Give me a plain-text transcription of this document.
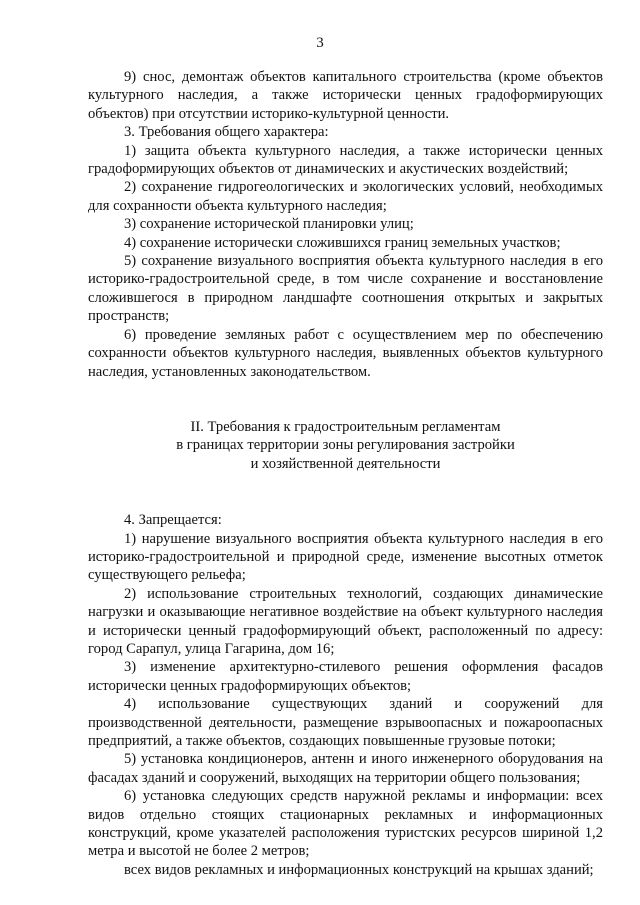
3

9) снос, демонтаж объектов капитального строительства (кроме объектов культурного наследия, а также исторически ценных градоформирующих объектов) при отсутствии историко-культурной ценности.

3. Требования общего характера:

1) защита объекта культурного наследия, а также исторически ценных градоформирующих объектов от динамических и акустических воздействий;

2) сохранение гидрогеологических и экологических условий, необходимых для сохранности объекта культурного наследия;

3) сохранение исторической планировки улиц;

4) сохранение исторически сложившихся границ земельных участков;

5) сохранение визуального восприятия объекта культурного наследия в его историко-градостроительной среде, в том числе сохранение и восстановление сложившегося в природном ландшафте соотношения открытых и закрытых пространств;

6) проведение земляных работ с осуществлением мер по обеспечению сохранности объектов культурного наследия, выявленных объектов культурного наследия, установленных законодательством.

II. Требования к градостроительным регламентам
в границах территории зоны регулирования застройки
и хозяйственной деятельности

4. Запрещается:

1) нарушение визуального восприятия объекта культурного наследия в его историко-градостроительной и природной среде, изменение высотных отметок существующего рельефа;

2) использование строительных технологий, создающих динамические нагрузки и оказывающие негативное воздействие на объект культурного наследия и исторически ценный градоформирующий объект, расположенный по адресу: город Сарапул, улица Гагарина, дом 16;

3) изменение архитектурно-стилевого решения оформления фасадов исторически ценных градоформирующих объектов;

4) использование существующих зданий и сооружений для производственной деятельности, размещение взрывоопасных и пожароопасных предприятий, а также объектов, создающих повышенные грузовые потоки;

5) установка кондиционеров, антенн и иного инженерного оборудования на фасадах зданий и сооружений, выходящих на территории общего пользования;

6) установка следующих средств наружной рекламы и информации: всех видов отдельно стоящих стационарных рекламных и информационных конструкций, кроме указателей расположения туристских ресурсов шириной 1,2 метра и высотой не более 2 метров;

всех видов рекламных и информационных конструкций на крышах зданий;
